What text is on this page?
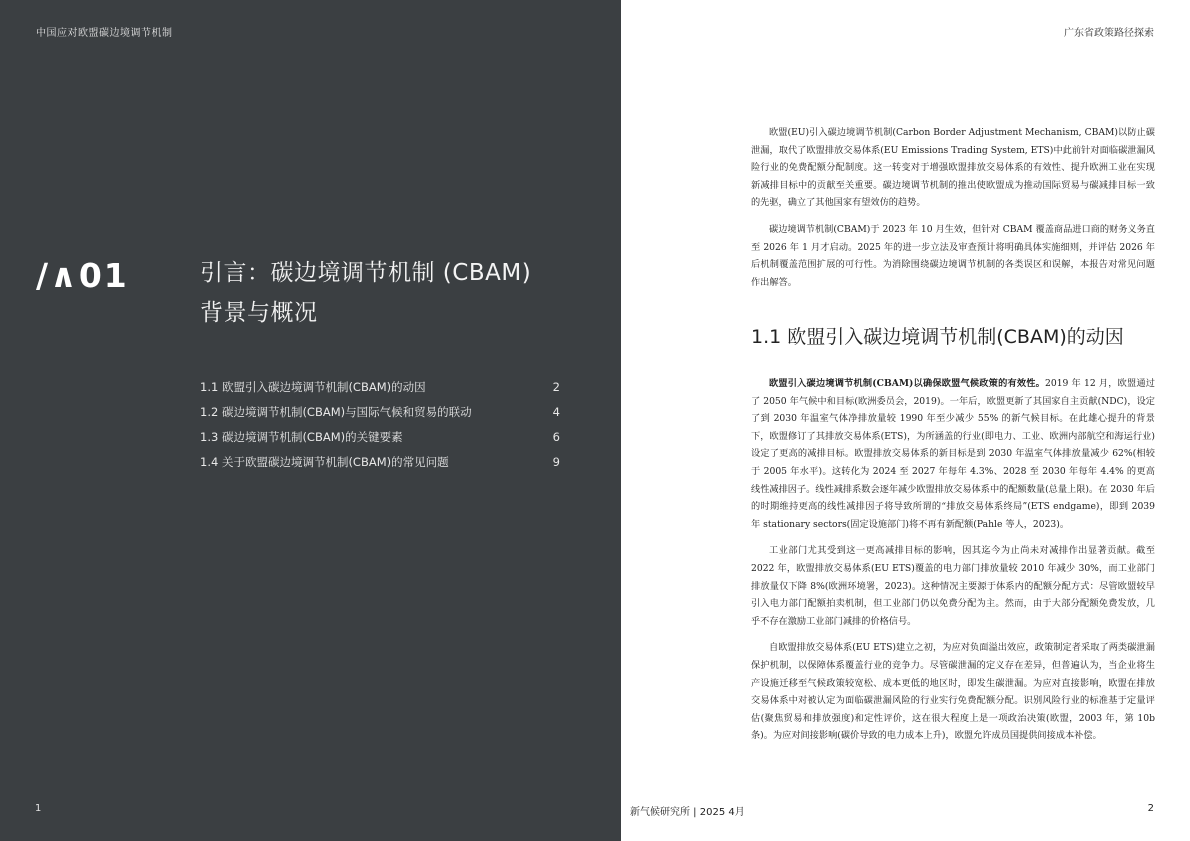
中国应对欧盟碳边境调节机制
/∧01	引言：碳边境调节机制 (CBAM)
背景与概况
1.1 欧盟引入碳边境调节机制(CBAM)的动因	2
1.2 碳边境调节机制(CBAM)与国际气候和贸易的联动	4
1.3 碳边境调节机制(CBAM)的关键要素	6
1.4 关于欧盟碳边境调节机制(CBAM)的常见问题	9
1
广东省政策路径探索

欧盟(EU)引入碳边境调节机制(Carbon Border Adjustment Mechanism, CBAM)以防止碳泄漏，取代了欧盟排放交易体系(EU Emissions Trading System, ETS)中此前针对面临碳泄漏风险行业的免费配额分配制度。这一转变对于增强欧盟排放交易体系的有效性、提升欧洲工业在实现新减排目标中的贡献至关重要。碳边境调节机制的推出使欧盟成为推动国际贸易与碳减排目标一致的先驱，确立了其他国家有望效仿的趋势。

碳边境调节机制(CBAM)于 2023 年 10 月生效，但针对 CBAM 覆盖商品进口商的财务义务直至 2026 年 1 月才启动。2025 年的进一步立法及审查预计将明确具体实施细则，并评估 2026 年后机制覆盖范围扩展的可行性。为消除围绕碳边境调节机制的各类误区和误解，本报告对常见问题作出解答。

1.1 欧盟引入碳边境调节机制(CBAM)的动因

欧盟引入碳边境调节机制(CBAM)以确保欧盟气候政策的有效性。2019 年 12 月，欧盟通过了 2050 年气候中和目标(欧洲委员会，2019)。一年后，欧盟更新了其国家自主贡献(NDC)，设定了到 2030 年温室气体净排放量较 1990 年至少减少 55% 的新气候目标。在此雄心提升的背景下，欧盟修订了其排放交易体系(ETS)，为所涵盖的行业(即电力、工业、欧洲内部航空和海运行业)设定了更高的减排目标。欧盟排放交易体系的新目标是到 2030 年温室气体排放量减少 62%(相较于 2005 年水平)。这转化为 2024 至 2027 年每年 4.3%、2028 至 2030 年每年 4.4% 的更高线性减排因子。线性减排系数会逐年减少欧盟排放交易体系中的配额数量(总量上限)。在 2030 年后的时期维持更高的线性减排因子将导致所谓的“排放交易体系终局”(ETS endgame)，即到 2039 年 stationary sectors(固定设施部门)将不再有新配额(Pahle 等人，2023)。

工业部门尤其受到这一更高减排目标的影响，因其迄今为止尚未对减排作出显著贡献。截至 2022 年，欧盟排放交易体系(EU ETS)覆盖的电力部门排放量较 2010 年减少 30%，而工业部门排放量仅下降 8%(欧洲环境署，2023)。这种情况主要源于体系内的配额分配方式：尽管欧盟较早引入电力部门配额拍卖机制，但工业部门仍以免费分配为主。然而，由于大部分配额免费发放，几乎不存在激励工业部门减排的价格信号。

自欧盟排放交易体系(EU ETS)建立之初，为应对负面溢出效应，政策制定者采取了两类碳泄漏保护机制，以保障体系覆盖行业的竞争力。尽管碳泄漏的定义存在差异，但普遍认为，当企业将生产设施迁移至气候政策较宽松、成本更低的地区时，即发生碳泄漏。为应对直接影响，欧盟在排放交易体系中对被认定为面临碳泄漏风险的行业实行免费配额分配。识别风险行业的标准基于定量评估(聚焦贸易和排放强度)和定性评价，这在很大程度上是一项政治决策(欧盟，2003 年，第 10b 条)。为应对间接影响(碳价导致的电力成本上升)，欧盟允许成员国提供间接成本补偿。

新气候研究所 | 2025 4月	2
